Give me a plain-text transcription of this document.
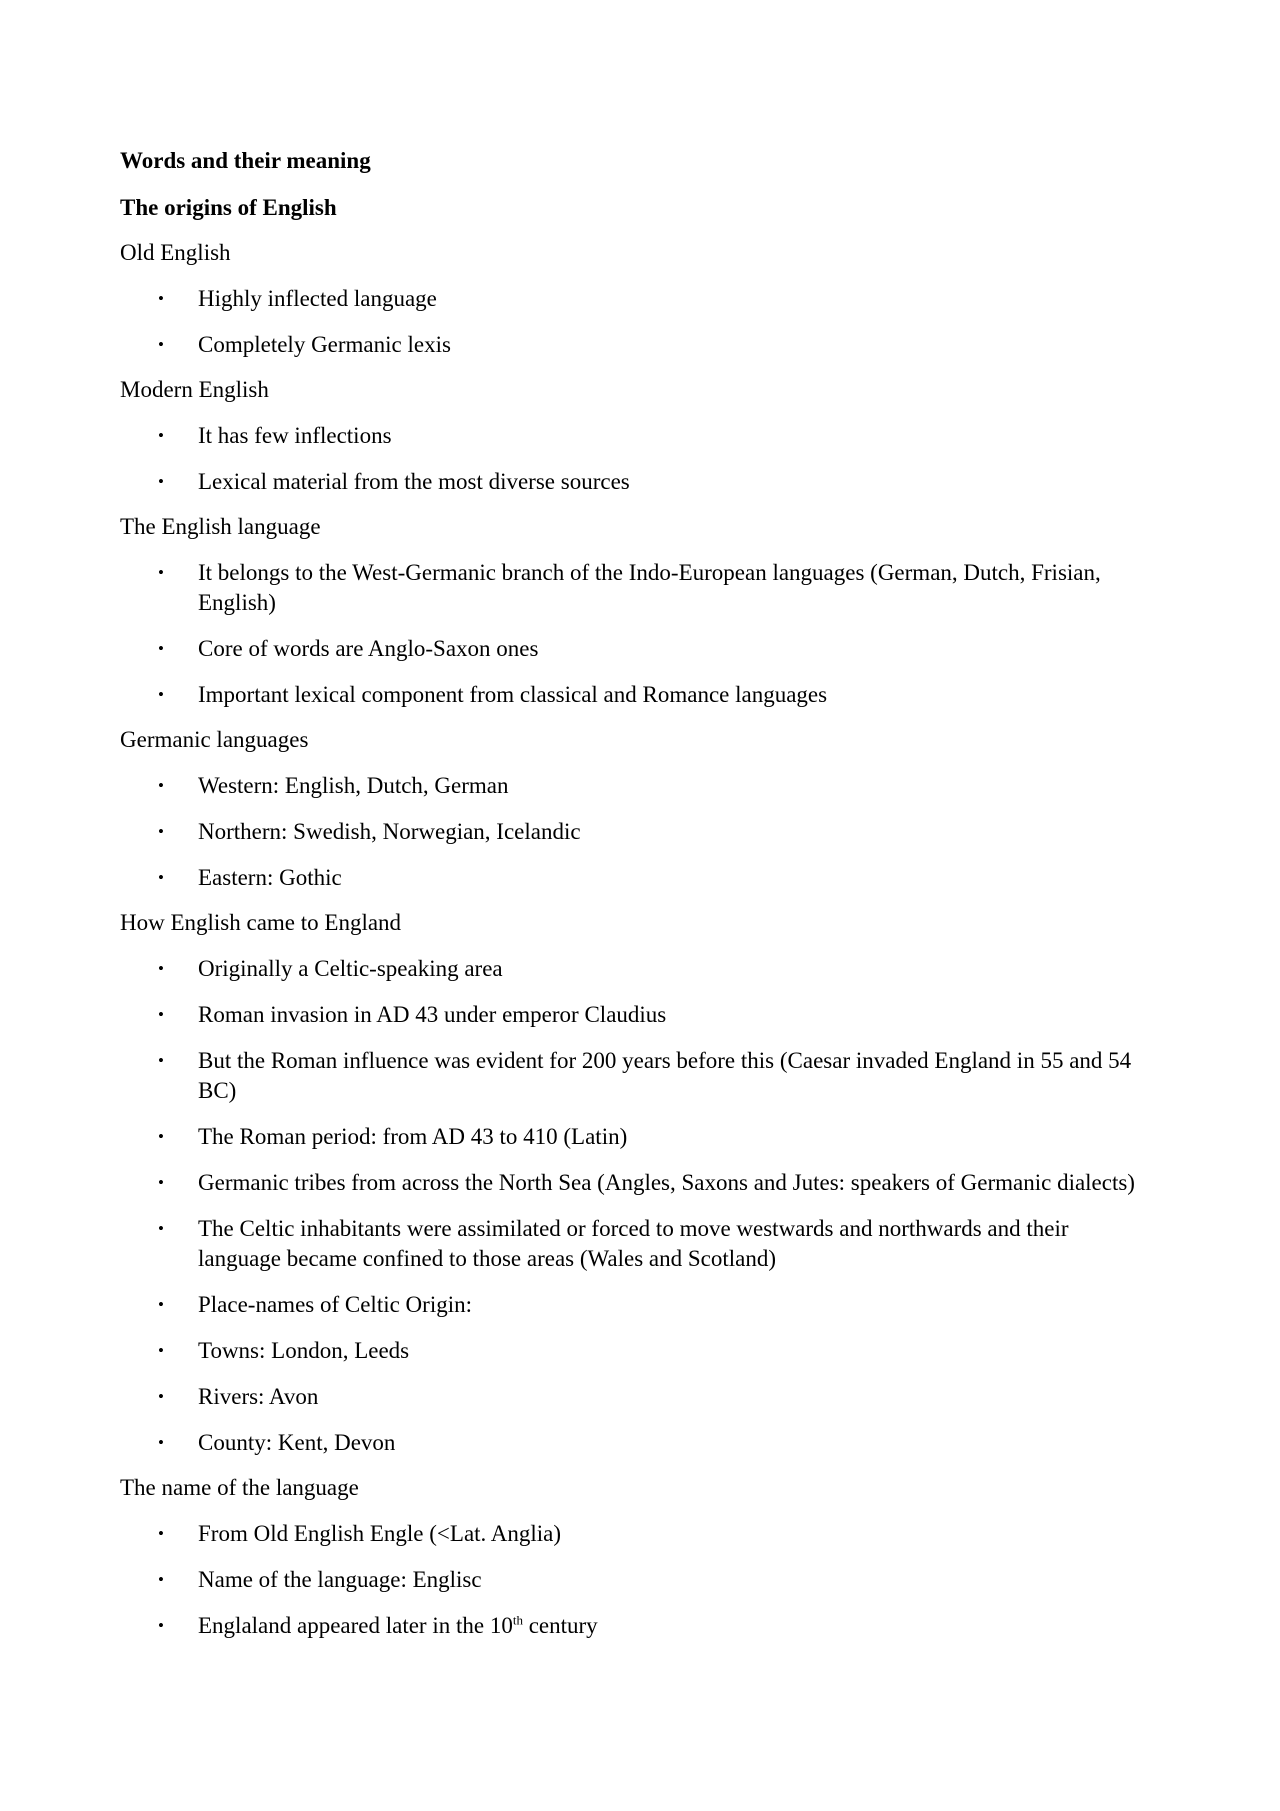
Words and their meaning

The origins of English

Old English

• Highly inflected language
• Completely Germanic lexis

Modern English

• It has few inflections
• Lexical material from the most diverse sources

The English language

• It belongs to the West-Germanic branch of the Indo-European languages (German, Dutch, Frisian, English)
• Core of words are Anglo-Saxon ones
• Important lexical component from classical and Romance languages

Germanic languages

• Western: English, Dutch, German
• Northern: Swedish, Norwegian, Icelandic
• Eastern: Gothic

How English came to England

• Originally a Celtic-speaking area
• Roman invasion in AD 43 under emperor Claudius
• But the Roman influence was evident for 200 years before this (Caesar invaded England in 55 and 54 BC)
• The Roman period: from AD 43 to 410 (Latin)
• Germanic tribes from across the North Sea (Angles, Saxons and Jutes: speakers of Germanic dialects)
• The Celtic inhabitants were assimilated or forced to move westwards and northwards and their language became confined to those areas (Wales and Scotland)
• Place-names of Celtic Origin:
• Towns: London, Leeds
• Rivers: Avon
• County: Kent, Devon

The name of the language

• From Old English Engle (<Lat. Anglia)
• Name of the language: Englisc
• Englaland appeared later in the 10th century
